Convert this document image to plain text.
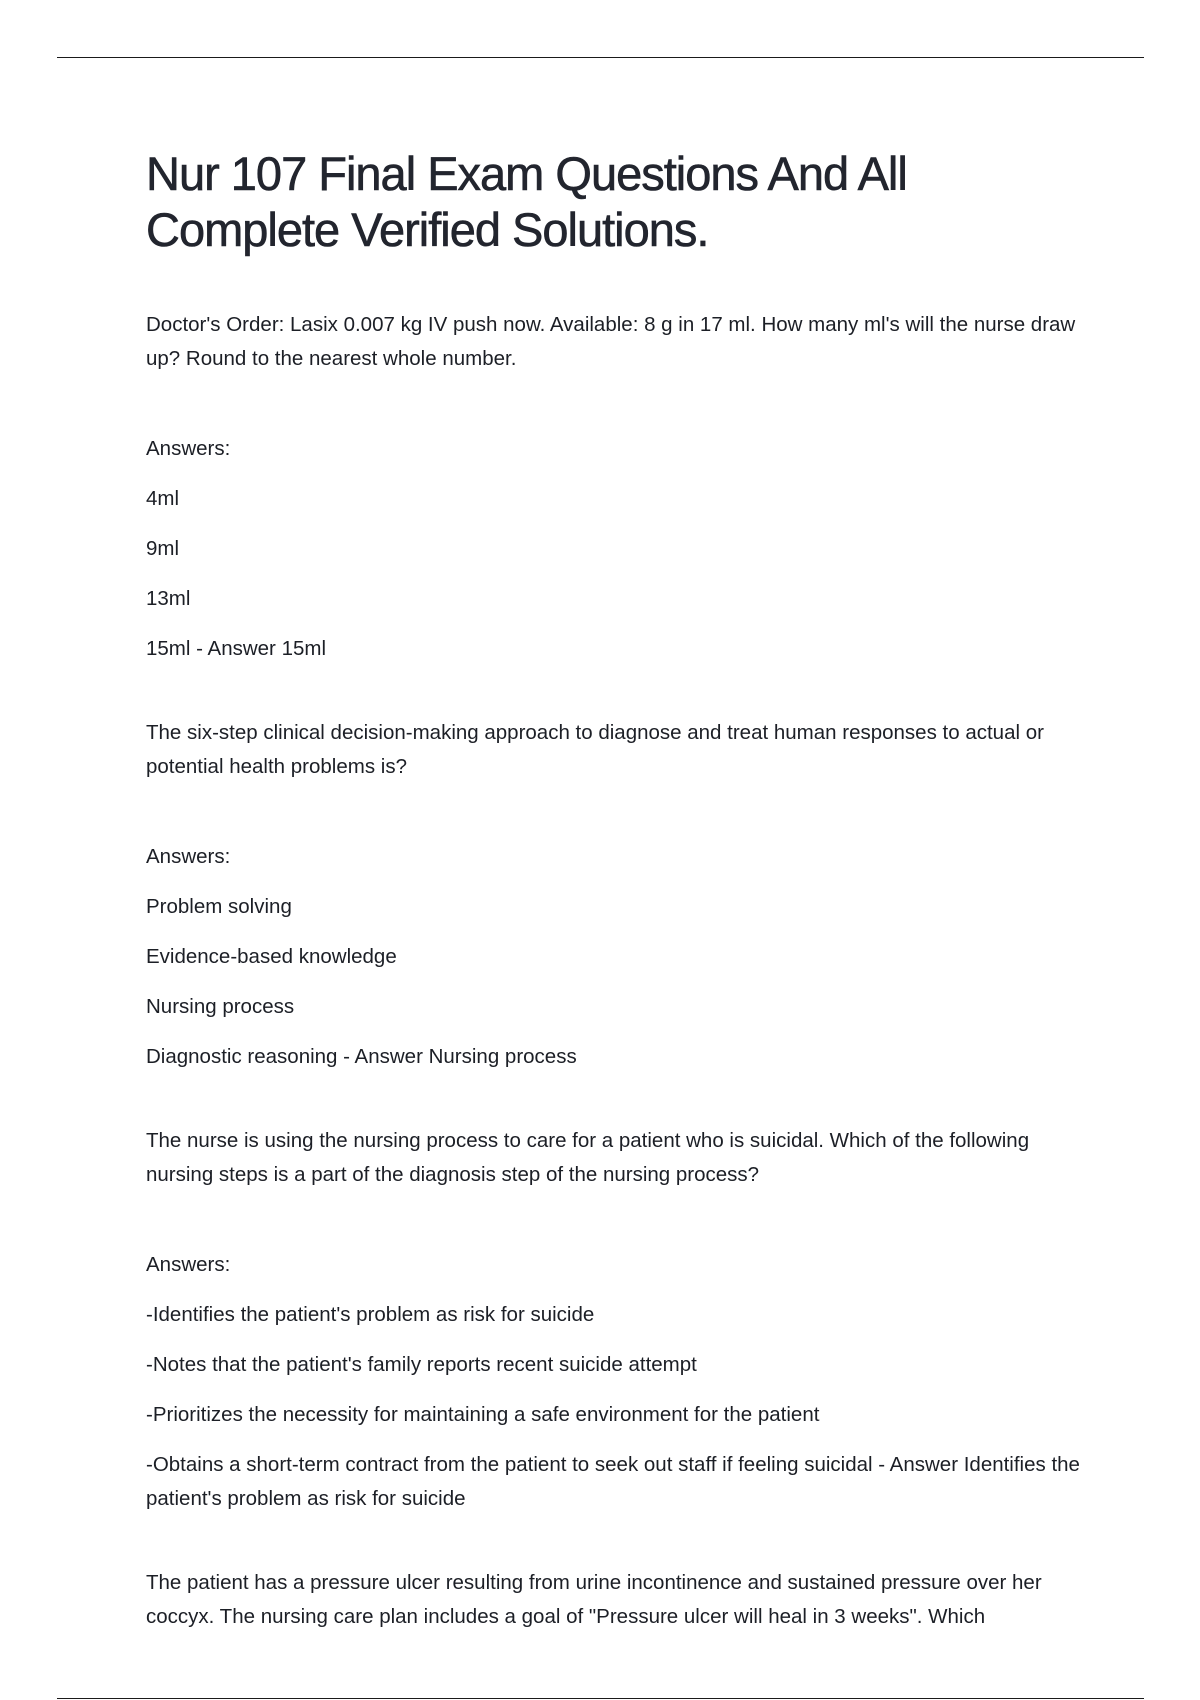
Nur 107 Final Exam Questions And All Complete Verified Solutions.

Doctor's Order: Lasix 0.007 kg IV push now. Available: 8 g in 17 ml. How many ml's will the nurse draw up? Round to the nearest whole number.

Answers:

4ml

9ml

13ml

15ml - Answer 15ml

The six-step clinical decision-making approach to diagnose and treat human responses to actual or potential health problems is?

Answers:

Problem solving

Evidence-based knowledge

Nursing process

Diagnostic reasoning - Answer Nursing process

The nurse is using the nursing process to care for a patient who is suicidal. Which of the following nursing steps is a part of the diagnosis step of the nursing process?

Answers:

-Identifies the patient's problem as risk for suicide

-Notes that the patient's family reports recent suicide attempt

-Prioritizes the necessity for maintaining a safe environment for the patient

-Obtains a short-term contract from the patient to seek out staff if feeling suicidal - Answer Identifies the patient's problem as risk for suicide

The patient has a pressure ulcer resulting from urine incontinence and sustained pressure over her coccyx. The nursing care plan includes a goal of "Pressure ulcer will heal in 3 weeks". Which
